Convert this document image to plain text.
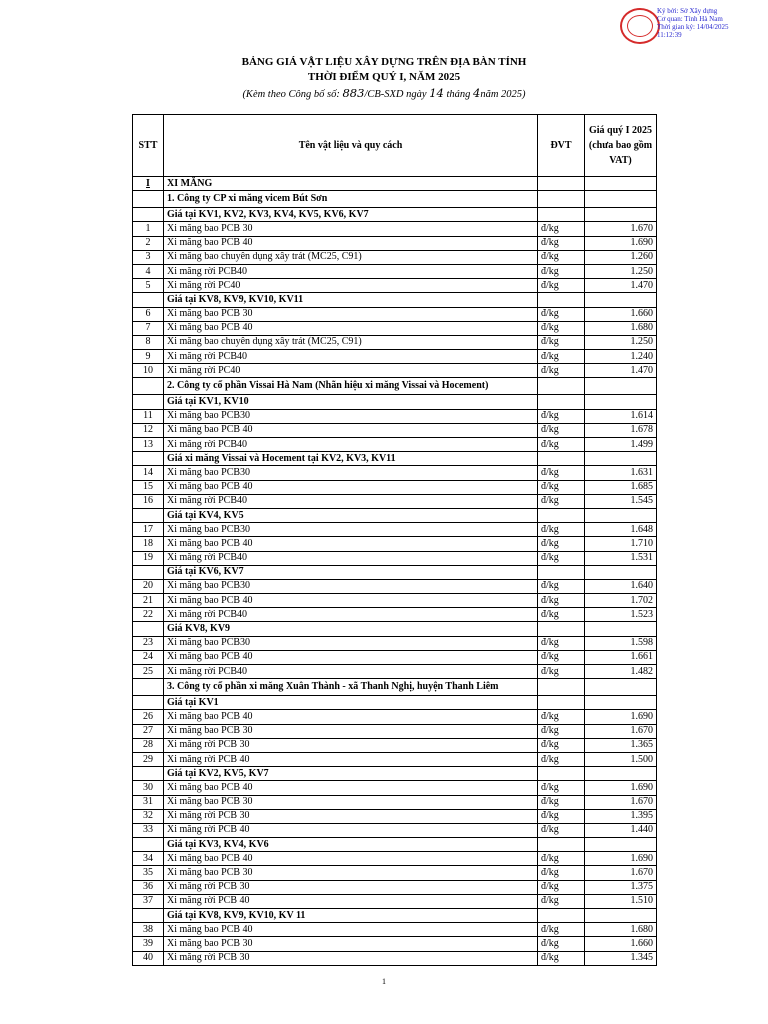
Ký bởi: Sở Xây dựng
Cơ quan: Tỉnh Hà Nam
Thời gian ký: 14/04/2025
11:12:39
BẢNG GIÁ VẬT LIỆU XÂY DỰNG TRÊN ĐỊA BÀN TỈNH
THỜI ĐIỂM QUÝ I, NĂM 2025
(Kèm theo Công bố số: 883/CB-SXD ngày 14 tháng 4năm 2025)
STT	Tên vật liệu và quy cách	ĐVT	Giá quý I 2025 (chưa bao gồm VAT)
I	XI MĂNG		
	1. Công ty CP xi măng vicem Bút Sơn		
	Giá tại KV1, KV2, KV3, KV4, KV5, KV6, KV7		
1	Xi măng bao PCB 30	đ/kg	1.670
2	Xi măng bao PCB 40	đ/kg	1.690
3	Xi măng bao chuyên dụng xây trát (MC25, C91)	đ/kg	1.260
4	Xi măng rời PCB40	đ/kg	1.250
5	Xi măng rời PC40	đ/kg	1.470
	Giá tại KV8, KV9, KV10, KV11		
6	Xi măng bao PCB 30	đ/kg	1.660
7	Xi măng bao PCB 40	đ/kg	1.680
8	Xi măng bao chuyên dụng xây trát (MC25, C91)	đ/kg	1.250
9	Xi măng rời PCB40	đ/kg	1.240
10	Xi măng rời PC40	đ/kg	1.470
	2. Công ty cổ phần Vissai Hà Nam (Nhãn hiệu xi măng Vissai và Hocement)		
	Giá tại KV1, KV10		
11	Xi măng bao PCB30	đ/kg	1.614
12	Xi măng bao PCB 40	đ/kg	1.678
13	Xi măng rời PCB40	đ/kg	1.499
	Giá xi măng Vissai và Hocement tại KV2, KV3, KV11		
14	Xi măng bao PCB30	đ/kg	1.631
15	Xi măng bao PCB 40	đ/kg	1.685
16	Xi măng rời PCB40	đ/kg	1.545
	Giá tại KV4, KV5		
17	Xi măng bao PCB30	đ/kg	1.648
18	Xi măng bao PCB 40	đ/kg	1.710
19	Xi măng rời PCB40	đ/kg	1.531
	Giá tại KV6, KV7		
20	Xi măng bao PCB30	đ/kg	1.640
21	Xi măng bao PCB 40	đ/kg	1.702
22	Xi măng rời PCB40	đ/kg	1.523
	Giá KV8, KV9		
23	Xi măng bao PCB30	đ/kg	1.598
24	Xi măng bao PCB 40	đ/kg	1.661
25	Xi măng rời PCB40	đ/kg	1.482
	3. Công ty cổ phần xi măng Xuân Thành - xã Thanh Nghị, huyện Thanh Liêm		
	Giá tại KV1		
26	Xi măng bao PCB 40	đ/kg	1.690
27	Xi măng bao PCB 30	đ/kg	1.670
28	Xi măng rời PCB 30	đ/kg	1.365
29	Xi măng rời PCB 40	đ/kg	1.500
	Giá tại KV2, KV5, KV7		
30	Xi măng bao PCB 40	đ/kg	1.690
31	Xi măng bao PCB 30	đ/kg	1.670
32	Xi măng rời PCB 30	đ/kg	1.395
33	Xi măng rời PCB 40	đ/kg	1.440
	Giá tại KV3, KV4, KV6		
34	Xi măng bao PCB 40	đ/kg	1.690
35	Xi măng bao PCB 30	đ/kg	1.670
36	Xi măng rời PCB 30	đ/kg	1.375
37	Xi măng rời PCB 40	đ/kg	1.510
	Giá tại KV8, KV9, KV10, KV 11		
38	Xi măng bao PCB 40	đ/kg	1.680
39	Xi măng bao PCB 30	đ/kg	1.660
40	Xi măng rời PCB 30	đ/kg	1.345
1
